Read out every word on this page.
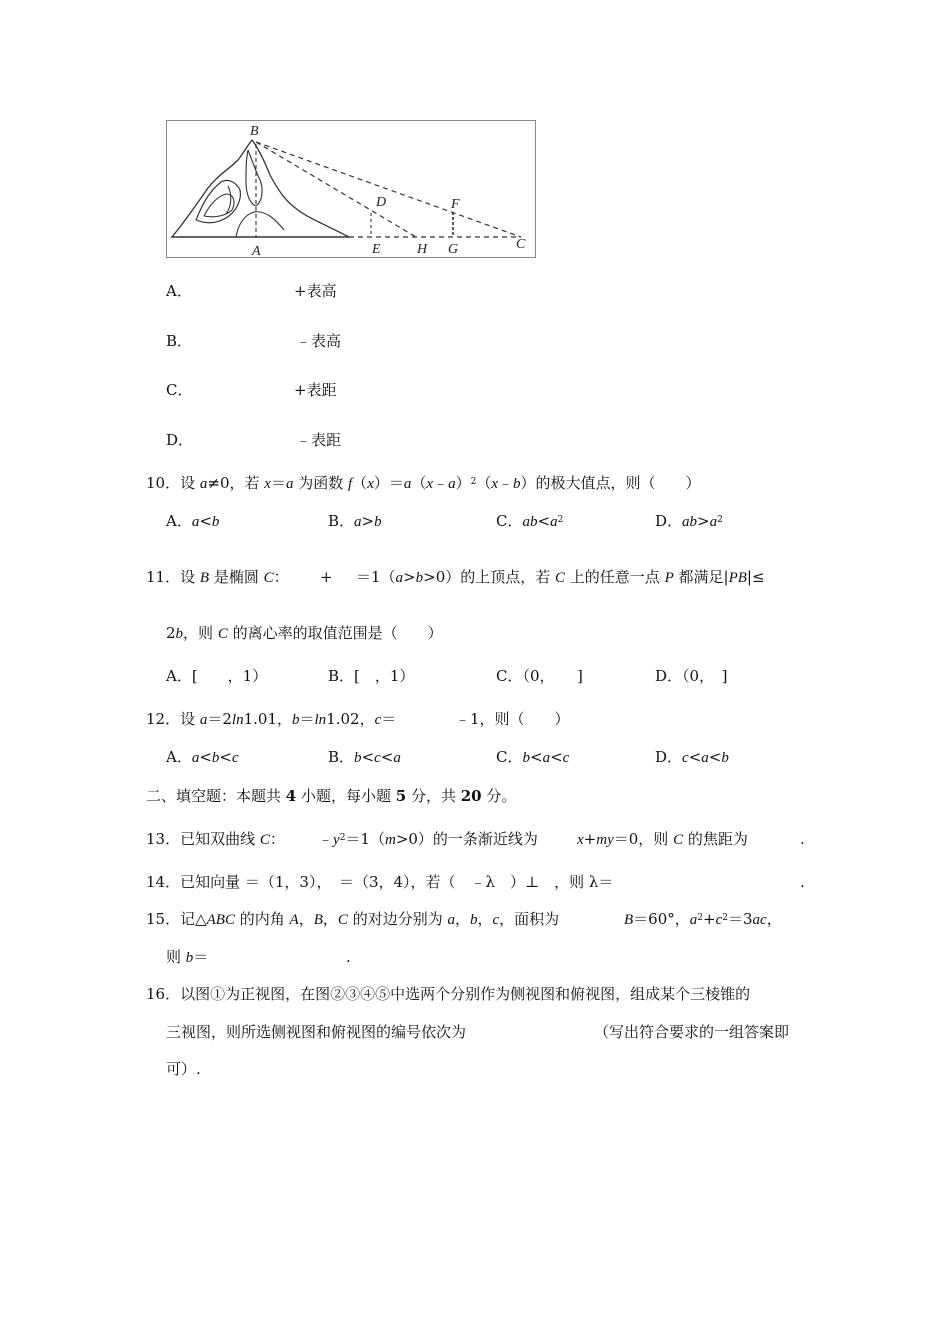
B
D	F
A	E	H G	C
A．	+表高
B．	﹣表高
C．	+表距
D．	﹣表距
10．设 a≠0，若 x＝a 为函数 f（x）＝a（x﹣a）$^2$（x﹣b）的极大值点，则（　　）
A．a<b	B．a>b	C．$ab<a^2$	D．$ab>a^2$
11．设 B 是椭圆 C： + ＝1（a>b>0）的上顶点，若 C 上的任意一点 P 都满足|PB|≤
2b，则 C 的离心率的取值范围是（　　）
A．[　　，1）	B．[　，1）	C．（0，　　]	D．（0，　]
12．设 a＝2ln1.01，b＝ln1.02，c＝	﹣1，则（　　）
A．a<b<c	B．b<c<a	C．b<a<c	D．c<a<b
二、填空题：本题共 4 小题，每小题 5 分，共 20 分。
13．已知双曲线 C： $﹣y^2=1(m>0)$的一条渐近线为	x+my＝0，则 C 的焦距为	.
14．已知向量 ＝（1，3），　＝（3，4），若（　﹣λ　）⊥　，则 λ＝	.
15．记△ABC 的内角 A，B，C 的对边分别为 a，b，c，面积为	B＝60°，$a^2+c^2=3ac$，
则 b＝	.
16．以图①为正视图，在图②③④⑤中选两个分别作为侧视图和俯视图，组成某个三棱锥的
三视图，则所选侧视图和俯视图的编号依次为	（写出符合要求的一组答案即
可）.
